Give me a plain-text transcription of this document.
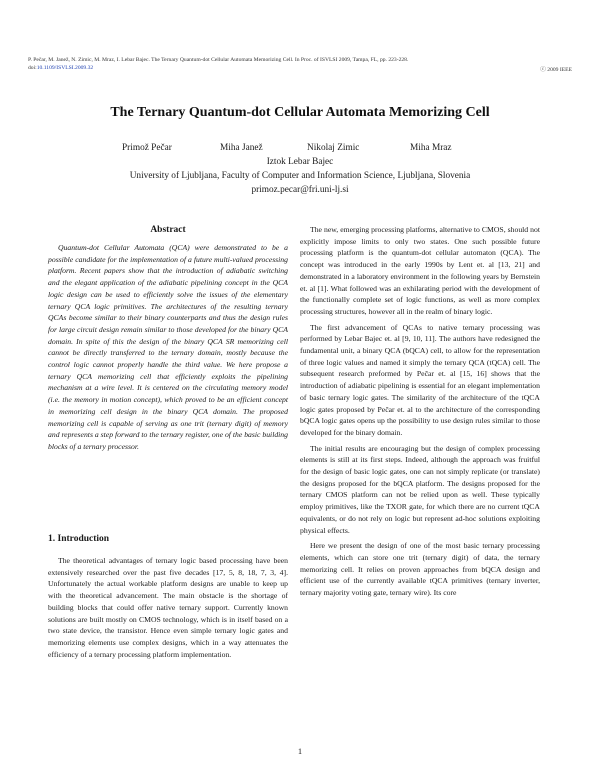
P. Pečar, M. Janež, N. Zimic, M. Mraz, I. Lebar Bajec. The Ternary Quantum-dot Cellular Automata Memorizing Cell. In Proc. of ISVLSI 2009, Tampa, FL, pp. 223-228.
doi:10.1109/ISVLSI.2009.32	ⓒ 2009 IEEE
The Ternary Quantum-dot Cellular Automata Memorizing Cell
Primož Pečar	Miha Janež	Nikolaj Zimic	Miha Mraz
Iztok Lebar Bajec
University of Ljubljana, Faculty of Computer and Information Science, Ljubljana, Slovenia
primoz.pecar@fri.uni-lj.si
Abstract

Quantum-dot Cellular Automata (QCA) were demonstrated to be a possible candidate for the implementation of a future multi-valued processing platform. Recent papers show that the introduction of adiabatic switching and the elegant application of the adiabatic pipelining concept in the QCA logic design can be used to efficiently solve the issues of the elementary ternary QCA logic primitives. The architectures of the resulting ternary QCAs become similar to their binary counterparts and thus the design rules for large circuit design remain similar to those developed for the binary QCA domain. In spite of this the design of the binary QCA SR memorizing cell cannot be directly transferred to the ternary domain, mostly because the control logic cannot properly handle the third value. We here propose a ternary QCA memorizing cell that efficiently exploits the pipelining mechanism at a wire level. It is centered on the circulating memory model (i.e. the memory in motion concept), which proved to be an efficient concept in memorizing cell design in the binary QCA domain. The proposed memorizing cell is capable of serving as one trit (ternary digit) of memory and represents a step forward to the ternary register, one of the basic building blocks of a ternary processor.

1. Introduction

The theoretical advantages of ternary logic based processing have been extensively researched over the past five decades [17, 5, 8, 18, 7, 3, 4]. Unfortunately the actual workable platform designs are unable to keep up with the theoretical advancement. The main obstacle is the shortage of building blocks that could offer native ternary support. Currently known solutions are built mostly on CMOS technology, which is in itself based on a two state device, the transistor. Hence even simple ternary logic gates and memorizing elements use complex designs, which in a way attenuates the efficiency of a ternary processing platform implementation.

The new, emerging processing platforms, alternative to CMOS, should not explicitly impose limits to only two states. One such possible future processing platform is the quantum-dot cellular automaton (QCA). The concept was introduced in the early 1990s by Lent et. al [13, 21] and demonstrated in a laboratory environment in the following years by Bernstein et. al [1]. What followed was an exhilarating period with the development of the functionally complete set of logic functions, as well as more complex processing structures, however all in the realm of binary logic.

The first advancement of QCAs to native ternary processing was performed by Lebar Bajec et. al [9, 10, 11]. The authors have redesigned the fundamental unit, a binary QCA (bQCA) cell, to allow for the representation of three logic values and named it simply the ternary QCA (tQCA) cell. The subsequent research preformed by Pečar et. al [15, 16] shows that the introduction of adiabatic pipelining is essential for an elegant implementation of basic ternary logic gates. The similarity of the architecture of the tQCA logic gates proposed by Pečar et. al to the architecture of the corresponding bQCA logic gates opens up the possibility to use design rules similar to those developed for the binary domain.

The initial results are encouraging but the design of complex processing elements is still at its first steps. Indeed, although the approach was fruitful for the design of basic logic gates, one can not simply replicate (or translate) the designs proposed for the bQCA platform. The designs proposed for the ternary CMOS platform can not be relied upon as well. These typically employ primitives, like the TXOR gate, for which there are no current tQCA equivalents, or do not rely on logic but represent ad-hoc solutions exploiting physical effects.

Here we present the design of one of the most basic ternary processing elements, which can store one trit (ternary digit) of data, the ternary memorizing cell. It relies on proven approaches from bQCA design and efficient use of the currently available tQCA primitives (ternary inverter, ternary majority voting gate, ternary wire). Its core

1
